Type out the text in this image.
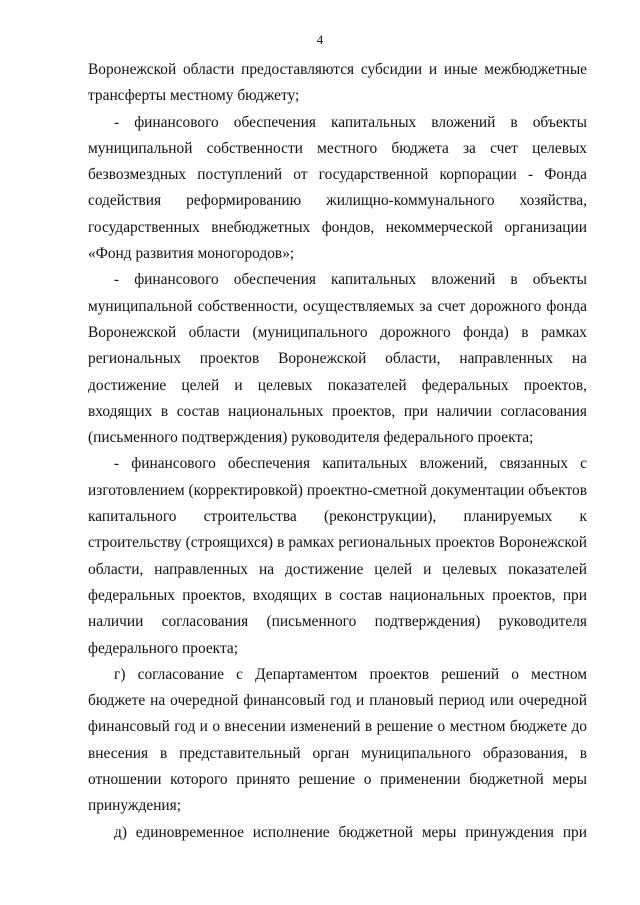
4

Воронежской области предоставляются субсидии и иные межбюджетные трансферты местному бюджету;

- финансового обеспечения капитальных вложений в объекты муниципальной собственности местного бюджета за счет целевых безвозмездных поступлений от государственной корпорации - Фонда содействия реформированию жилищно-коммунального хозяйства, государственных внебюджетных фондов, некоммерческой организации «Фонд развития моногородов»;

- финансового обеспечения капитальных вложений в объекты муниципальной собственности, осуществляемых за счет дорожного фонда Воронежской области (муниципального дорожного фонда) в рамках региональных проектов Воронежской области, направленных на достижение целей и целевых показателей федеральных проектов, входящих в состав национальных проектов, при наличии согласования (письменного подтверждения) руководителя федерального проекта;

- финансового обеспечения капитальных вложений, связанных с изготовлением (корректировкой) проектно-сметной документации объектов капитального строительства (реконструкции), планируемых к строительству (строящихся) в рамках региональных проектов Воронежской области, направленных на достижение целей и целевых показателей федеральных проектов, входящих в состав национальных проектов, при наличии согласования (письменного подтверждения) руководителя федерального проекта;

г) согласование с Департаментом проектов решений о местном бюджете на очередной финансовый год и плановый период или очередной финансовый год и о внесении изменений в решение о местном бюджете до внесения в представительный орган муниципального образования, в отношении которого принято решение о применении бюджетной меры принуждения;

д) единовременное исполнение бюджетной меры принуждения при
